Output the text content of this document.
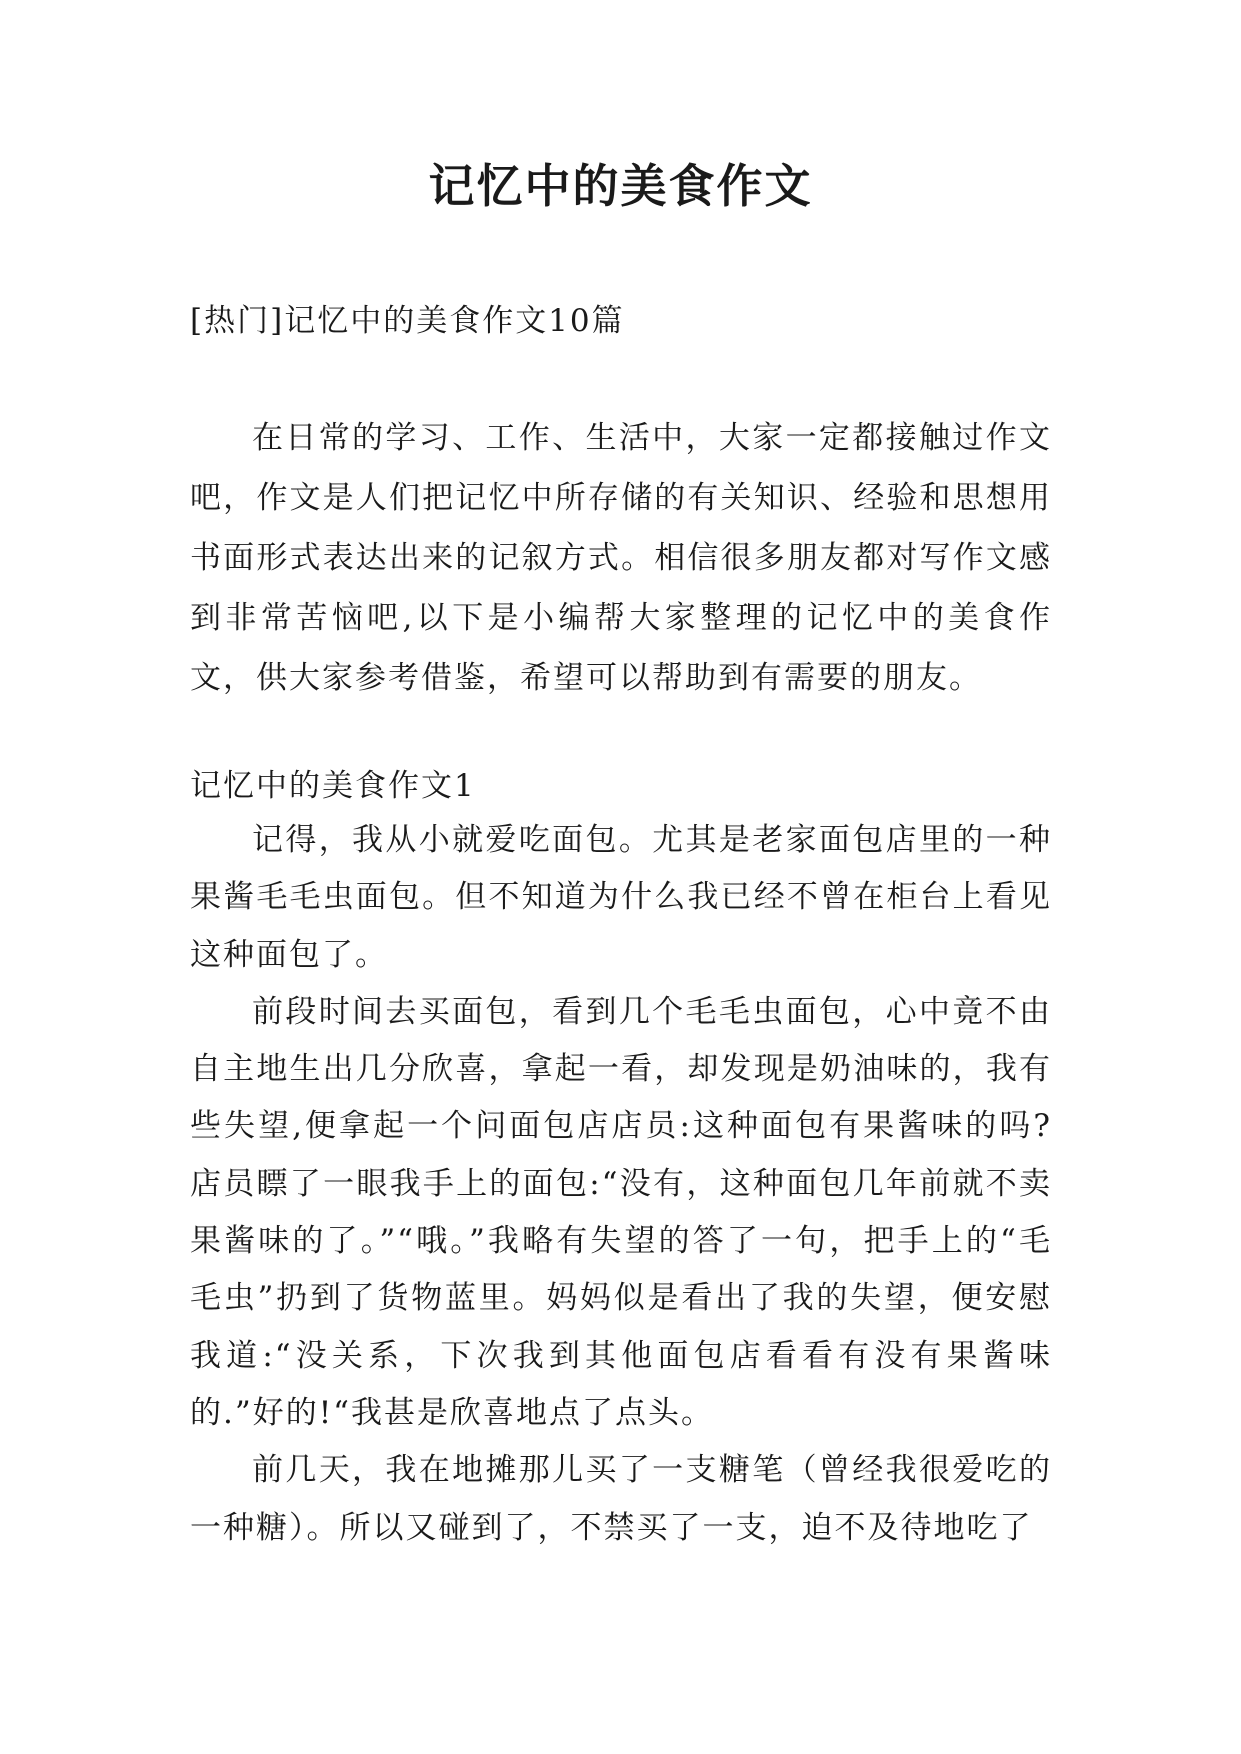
记忆中的美食作文
[热门]记忆中的美食作文10篇

在日常的学习、工作、生活中，大家一定都接触过作文吧，作文是人们把记忆中所存储的有关知识、经验和思想用书面形式表达出来的记叙方式。相信很多朋友都对写作文感到非常苦恼吧,以下是小编帮大家整理的记忆中的美食作文，供大家参考借鉴，希望可以帮助到有需要的朋友。

记忆中的美食作文1

记得，我从小就爱吃面包。尤其是老家面包店里的一种果酱毛毛虫面包。但不知道为什么我已经不曾在柜台上看见这种面包了。

前段时间去买面包，看到几个毛毛虫面包，心中竟不由自主地生出几分欣喜，拿起一看，却发现是奶油味的，我有些失望,便拿起一个问面包店店员:这种面包有果酱味的吗?店员瞟了一眼我手上的面包:“没有，这种面包几年前就不卖果酱味的了。”“哦。”我略有失望的答了一句，把手上的“毛毛虫”扔到了货物蓝里。妈妈似是看出了我的失望，便安慰我道:“没关系，下次我到其他面包店看看有没有果酱味的.”好的!“我甚是欣喜地点了点头。

前几天，我在地摊那儿买了一支糖笔（曾经我很爱吃的一种糖）。所以又碰到了，不禁买了一支，迫不及待地吃了
